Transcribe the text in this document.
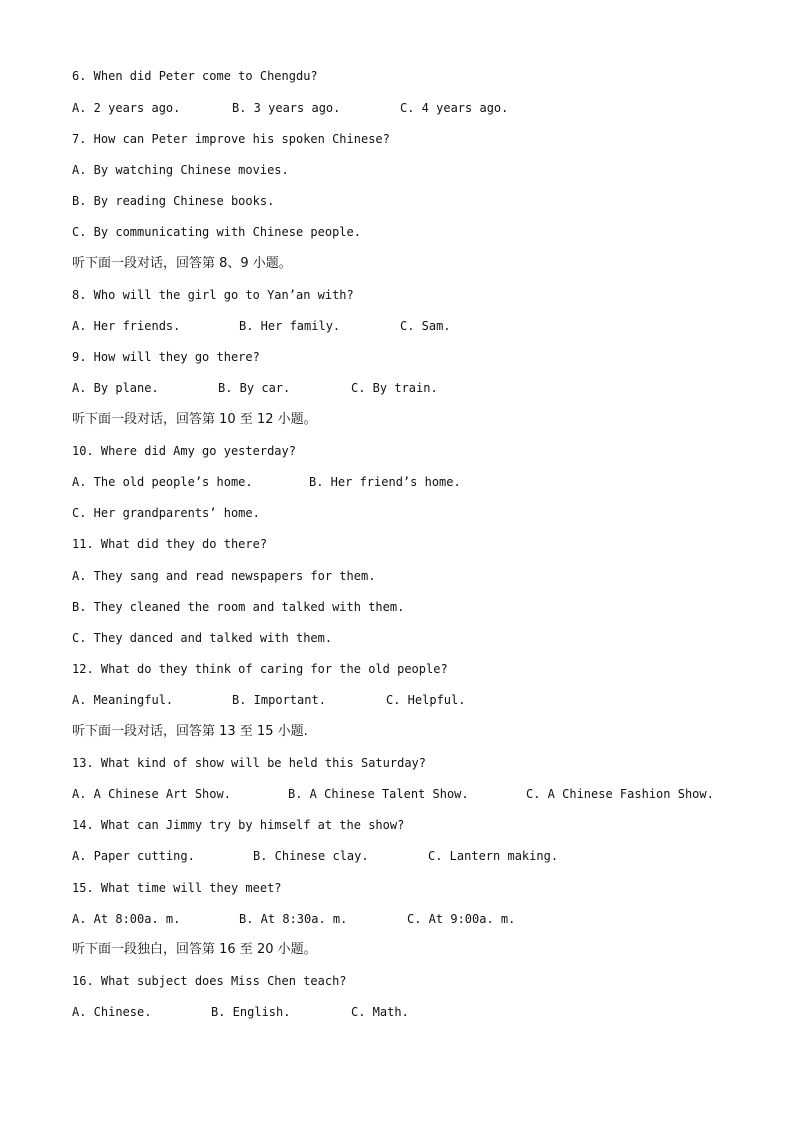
6. When did Peter come to Chengdu?
A. 2 years ago.	B. 3 years ago.	C. 4 years ago.
7. How can Peter improve his spoken Chinese?
A. By watching Chinese movies.
B. By reading Chinese books.
C. By communicating with Chinese people.
听下面一段对话，回答第 8、9 小题。
8. Who will the girl go to Yan’an with?
A. Her friends.	B. Her family.	C. Sam.
9. How will they go there?
A. By plane.	B. By car.	C. By train.
听下面一段对话，回答第 10 至 12 小题。
10. Where did Amy go yesterday?
A. The old people’s home.	B. Her friend’s home.
C. Her grandparents’ home.
11. What did they do there?
A. They sang and read newspapers for them.
B. They cleaned the room and talked with them.
C. They danced and talked with them.
12. What do they think of caring for the old people?
A. Meaningful.	B. Important.	C. Helpful.
听下面一段对话，回答第 13 至 15 小题.
13. What kind of show will be held this Saturday?
A. A Chinese Art Show.	B. A Chinese Talent Show.	C. A Chinese Fashion Show.
14. What can Jimmy try by himself at the show?
A. Paper cutting.	B. Chinese clay.	C. Lantern making.
15. What time will they meet?
A. At 8:00a. m.	B. At 8:30a. m.	C. At 9:00a. m.
听下面一段独白，回答第 16 至 20 小题。
16. What subject does Miss Chen teach?
A. Chinese.	B. English.	C. Math.
